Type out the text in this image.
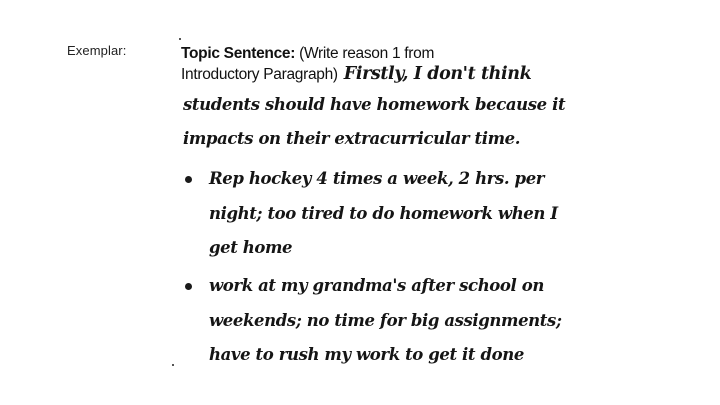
Exemplar:	Topic Sentence: (Write reason 1 from
Introductory Paragraph) Firstly, I don't think
students should have homework because it
impacts on their extracurricular time.
Rep hockey 4 times a week, 2 hrs. per
night; too tired to do homework when I
get home
work at my grandma's after school on
weekends; no time for big assignments;
have to rush my work to get it done
